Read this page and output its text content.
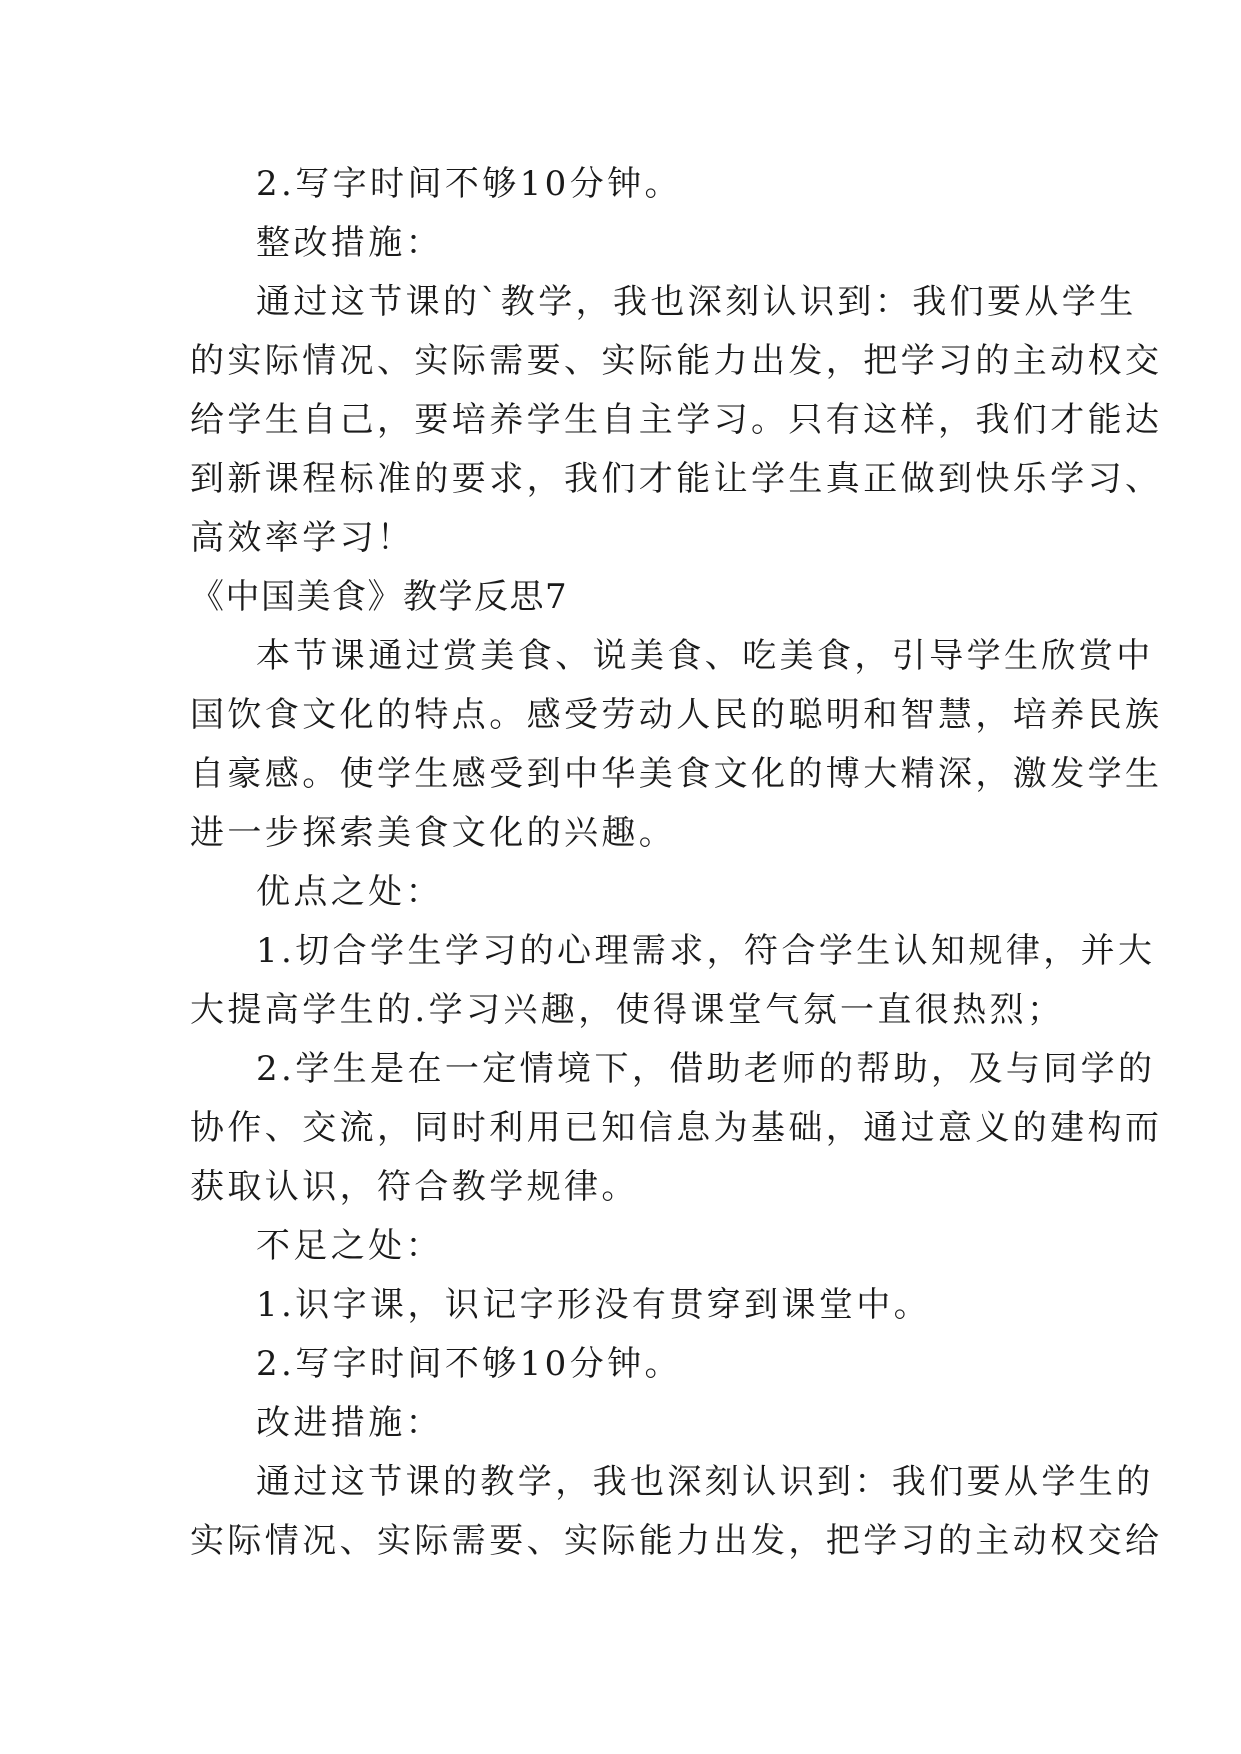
2.写字时间不够10分钟。
整改措施：
通过这节课的`教学，我也深刻认识到：我们要从学生
的实际情况、实际需要、实际能力出发，把学习的主动权交
给学生自己，要培养学生自主学习。只有这样，我们才能达
到新课程标准的要求，我们才能让学生真正做到快乐学习、
高效率学习！
《中国美食》教学反思7
本节课通过赏美食、说美食、吃美食，引导学生欣赏中
国饮食文化的特点。感受劳动人民的聪明和智慧，培养民族
自豪感。使学生感受到中华美食文化的博大精深，激发学生
进一步探索美食文化的兴趣。
优点之处：
1.切合学生学习的心理需求，符合学生认知规律，并大
大提高学生的.学习兴趣，使得课堂气氛一直很热烈；
2.学生是在一定情境下，借助老师的帮助，及与同学的
协作、交流，同时利用已知信息为基础，通过意义的建构而
获取认识，符合教学规律。
不足之处：
1.识字课，识记字形没有贯穿到课堂中。
2.写字时间不够10分钟。
改进措施：
通过这节课的教学，我也深刻认识到：我们要从学生的
实际情况、实际需要、实际能力出发，把学习的主动权交给
